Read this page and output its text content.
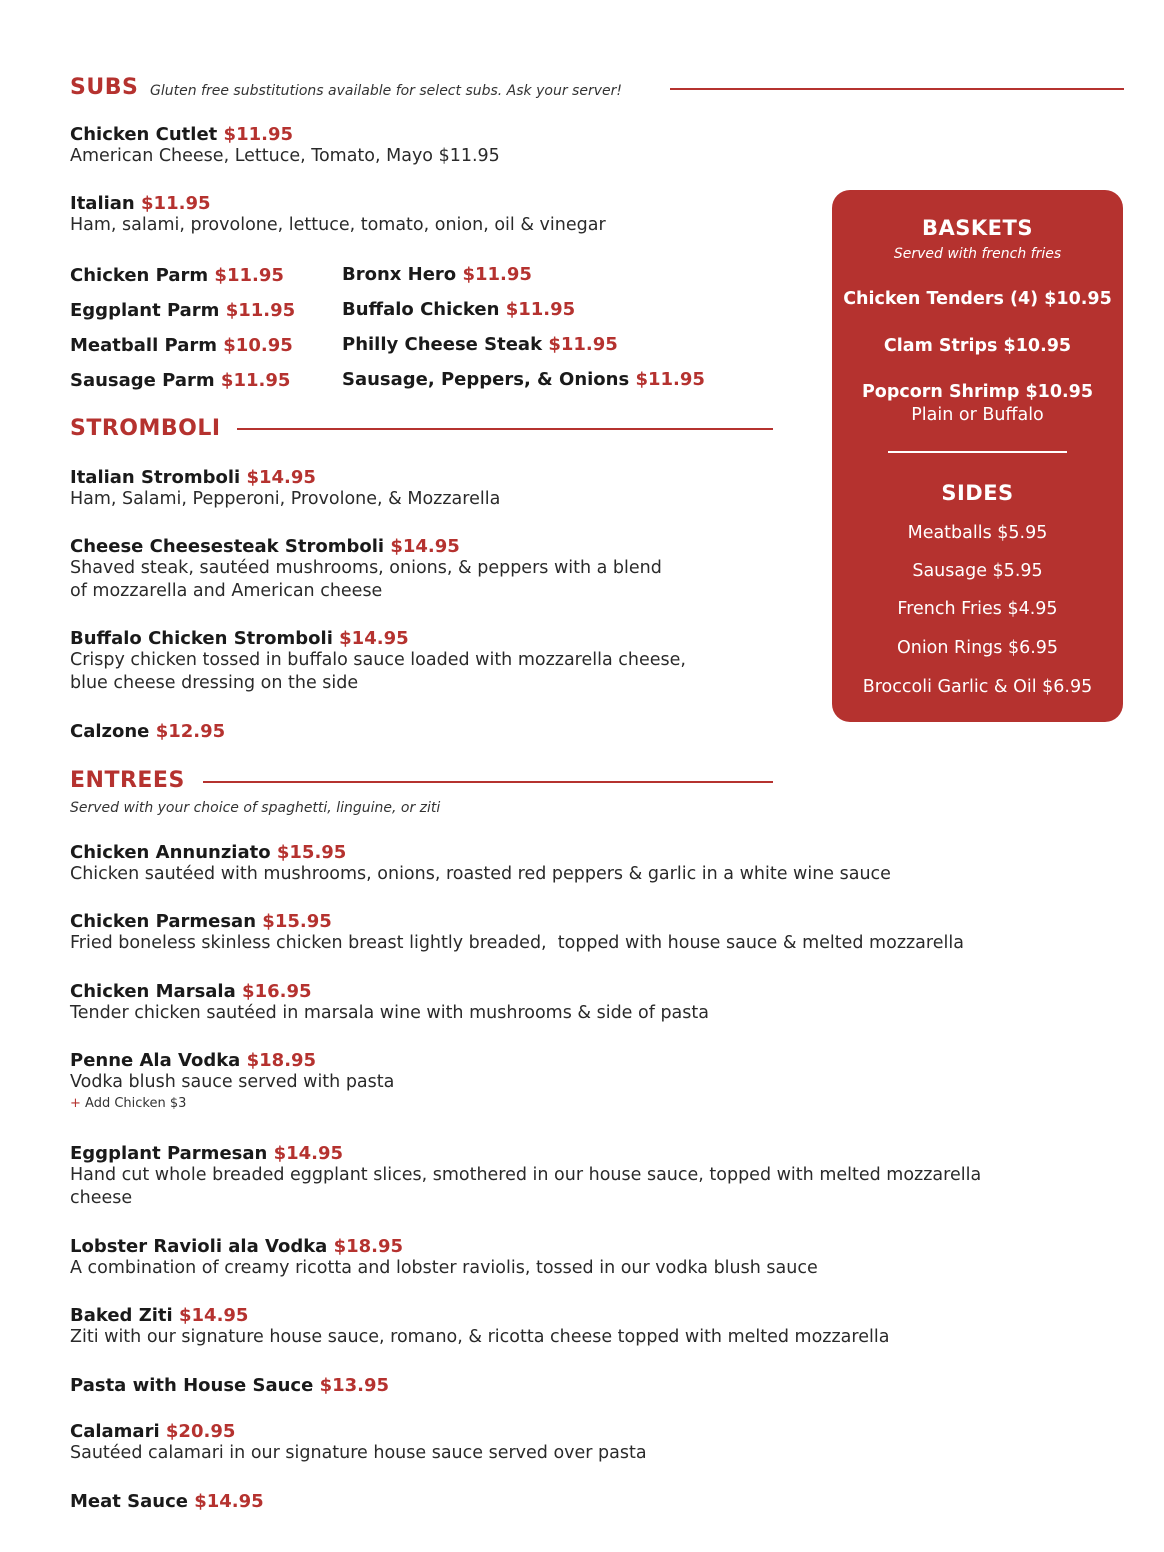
SUBS Gluten free substitutions available for select subs. Ask your server!
Chicken Cutlet $11.95
American Cheese, Lettuce, Tomato, Mayo $11.95
Italian $11.95
Ham, salami, provolone, lettuce, tomato, onion, oil & vinegar
Chicken Parm $11.95
Eggplant Parm $11.95
Meatball Parm $10.95
Sausage Parm $11.95
Bronx Hero $11.95
Buffalo Chicken $11.95
Philly Cheese Steak $11.95
Sausage, Peppers, & Onions $11.95
STROMBOLI
Italian Stromboli $14.95
Ham, Salami, Pepperoni, Provolone, & Mozzarella
Cheese Cheesesteak Stromboli $14.95
Shaved steak, sautéed mushrooms, onions, & peppers with a blend
of mozzarella and American cheese
Buffalo Chicken Stromboli $14.95
Crispy chicken tossed in buffalo sauce loaded with mozzarella cheese,
blue cheese dressing on the side
Calzone $12.95
ENTREES
Served with your choice of spaghetti, linguine, or ziti
Chicken Annunziato $15.95
Chicken sautéed with mushrooms, onions, roasted red peppers & garlic in a white wine sauce
Chicken Parmesan $15.95
Fried boneless skinless chicken breast lightly breaded,  topped with house sauce & melted mozzarella
Chicken Marsala $16.95
Tender chicken sautéed in marsala wine with mushrooms & side of pasta
Penne Ala Vodka $18.95
Vodka blush sauce served with pasta
+ Add Chicken $3
Eggplant Parmesan $14.95
Hand cut whole breaded eggplant slices, smothered in our house sauce, topped with melted mozzarella
cheese
Lobster Ravioli ala Vodka $18.95
A combination of creamy ricotta and lobster raviolis, tossed in our vodka blush sauce
Baked Ziti $14.95
Ziti with our signature house sauce, romano, & ricotta cheese topped with melted mozzarella
Pasta with House Sauce $13.95
Calamari $20.95
Sautéed calamari in our signature house sauce served over pasta
Meat Sauce $14.95
BASKETS
Served with french fries
Chicken Tenders (4) $10.95
Clam Strips $10.95
Popcorn Shrimp $10.95
Plain or Buffalo
SIDES
Meatballs $5.95
Sausage $5.95
French Fries $4.95
Onion Rings $6.95
Broccoli Garlic & Oil $6.95
